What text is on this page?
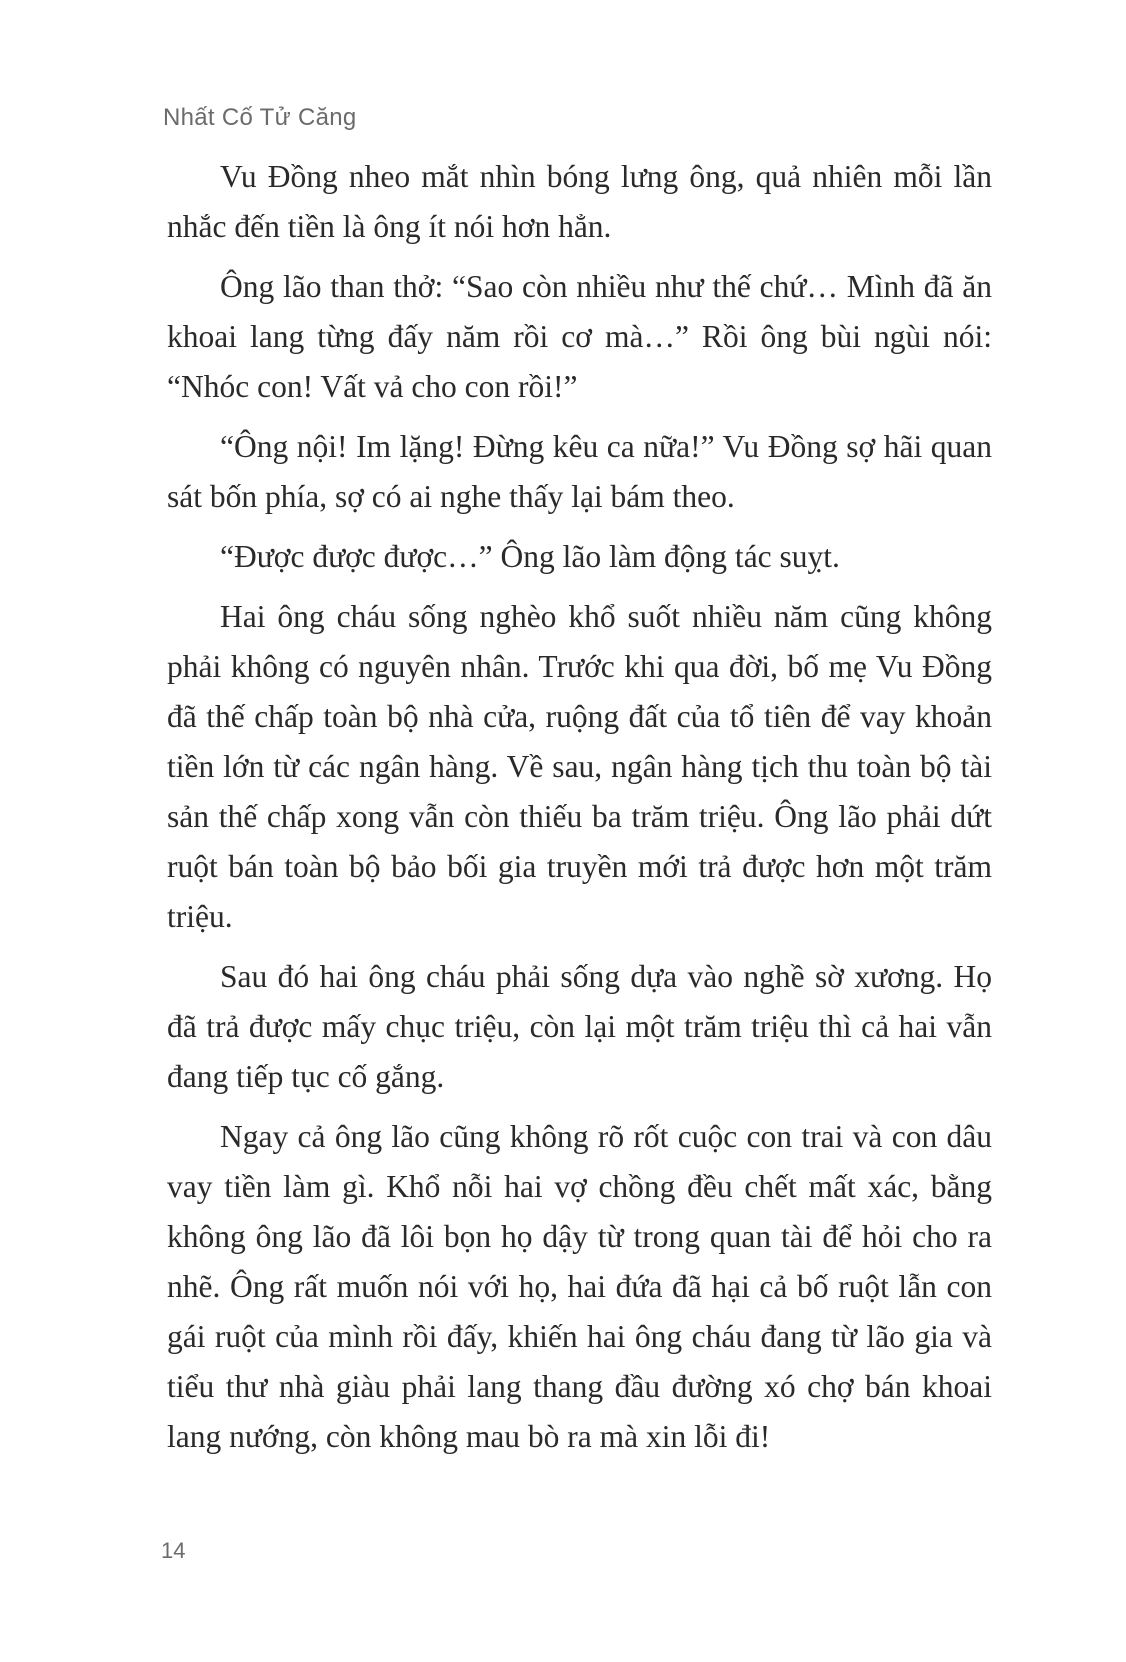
Nhất Cố Tử Căng

Vu Đồng nheo mắt nhìn bóng lưng ông, quả nhiên mỗi lần nhắc đến tiền là ông ít nói hơn hẳn.

Ông lão than thở: “Sao còn nhiều như thế chứ… Mình đã ăn khoai lang từng đấy năm rồi cơ mà…” Rồi ông bùi ngùi nói: “Nhóc con! Vất vả cho con rồi!”

“Ông nội! Im lặng! Đừng kêu ca nữa!” Vu Đồng sợ hãi quan sát bốn phía, sợ có ai nghe thấy lại bám theo.

“Được được được…” Ông lão làm động tác suỵt.

Hai ông cháu sống nghèo khổ suốt nhiều năm cũng không phải không có nguyên nhân. Trước khi qua đời, bố mẹ Vu Đồng đã thế chấp toàn bộ nhà cửa, ruộng đất của tổ tiên để vay khoản tiền lớn từ các ngân hàng. Về sau, ngân hàng tịch thu toàn bộ tài sản thế chấp xong vẫn còn thiếu ba trăm triệu. Ông lão phải dứt ruột bán toàn bộ bảo bối gia truyền mới trả được hơn một trăm triệu.

Sau đó hai ông cháu phải sống dựa vào nghề sờ xương. Họ đã trả được mấy chục triệu, còn lại một trăm triệu thì cả hai vẫn đang tiếp tục cố gắng.

Ngay cả ông lão cũng không rõ rốt cuộc con trai và con dâu vay tiền làm gì. Khổ nỗi hai vợ chồng đều chết mất xác, bằng không ông lão đã lôi bọn họ dậy từ trong quan tài để hỏi cho ra nhẽ. Ông rất muốn nói với họ, hai đứa đã hại cả bố ruột lẫn con gái ruột của mình rồi đấy, khiến hai ông cháu đang từ lão gia và tiểu thư nhà giàu phải lang thang đầu đường xó chợ bán khoai lang nướng, còn không mau bò ra mà xin lỗi đi!

14
